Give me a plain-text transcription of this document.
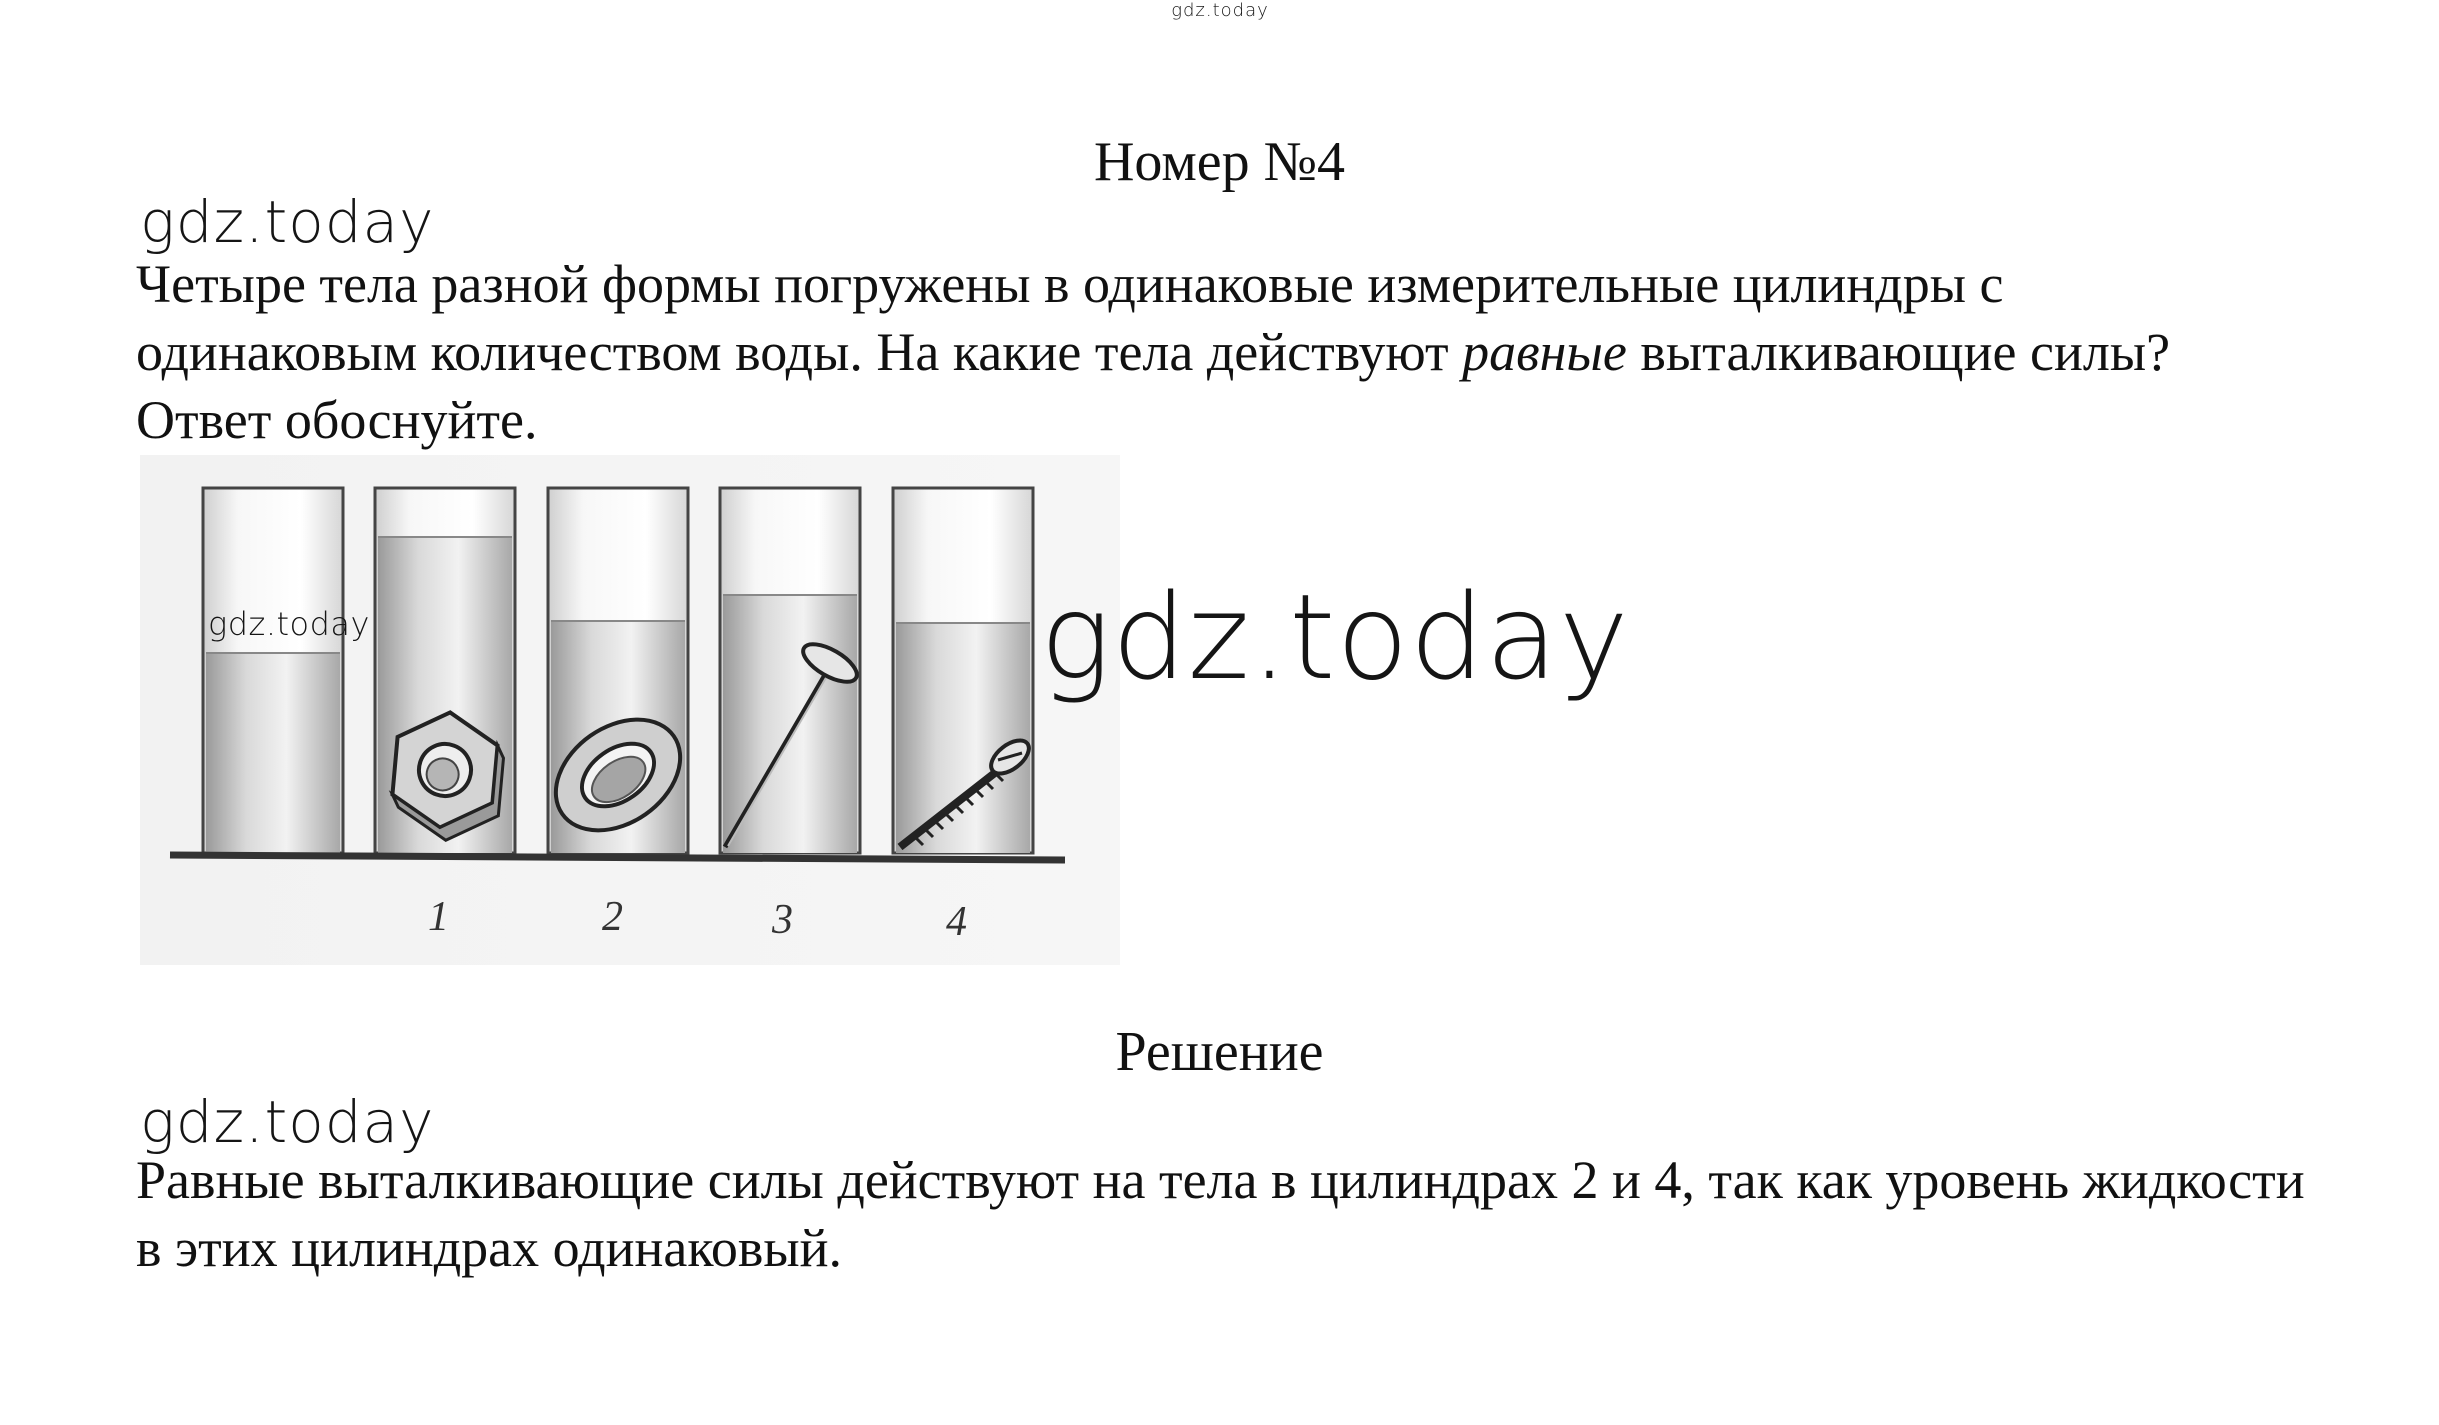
gdz.today
Номер №4
gdz.today
Четыре тела разной формы погружены в одинаковые измерительные цилиндры с одинаковым количеством воды. На какие тела действуют равные выталкивающие силы? Ответ обоснуйте.
1	2	3	4
gdz.today	gdz.today
Решение
gdz.today
Равные выталкивающие силы действуют на тела в цилиндрах 2 и 4, так как уровень жидкости в этих цилиндрах одинаковый.
